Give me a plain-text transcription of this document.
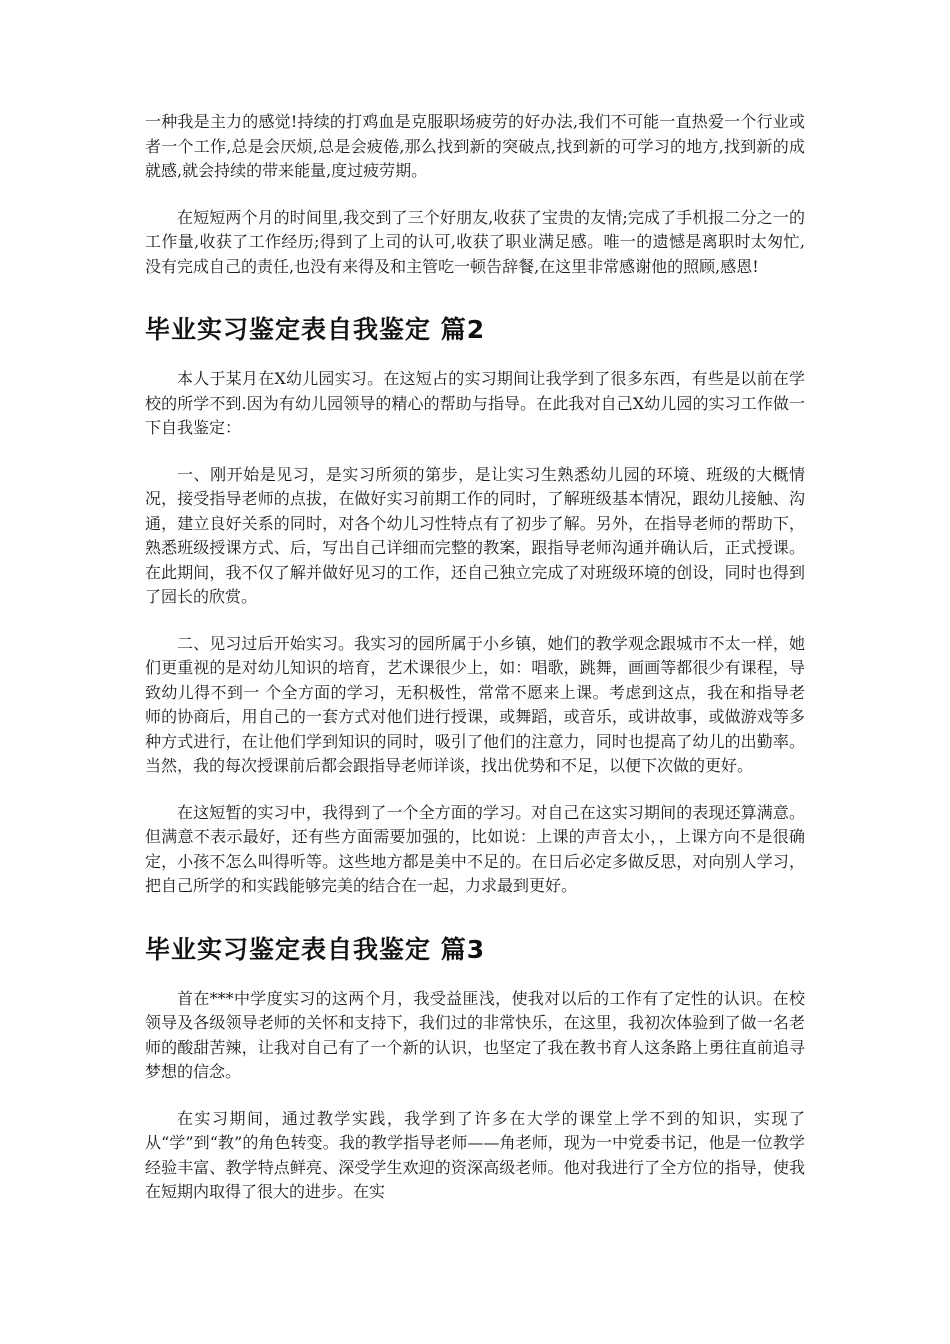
一种我是主力的感觉!持续的打鸡血是克服职场疲劳的好办法,我们不可能一直热爱一个行业或者一个工作,总是会厌烦,总是会疲倦,那么找到新的突破点,找到新的可学习的地方,找到新的成就感,就会持续的带来能量,度过疲劳期。

在短短两个月的时间里,我交到了三个好朋友,收获了宝贵的友情;完成了手机报二分之一的工作量,收获了工作经历;得到了上司的认可,收获了职业满足感。唯一的遗憾是离职时太匆忙,没有完成自己的责任,也没有来得及和主管吃一顿告辞餐,在这里非常感谢他的照顾,感恩!

毕业实习鉴定表自我鉴定 篇2

本人于某月在X幼儿园实习。在这短占的实习期间让我学到了很多东西，有些是以前在学校的所学不到.因为有幼儿园领导的精心的帮助与指导。在此我对自己X幼儿园的实习工作做一下自我鉴定：

一、刚开始是见习，是实习所须的第步，是让实习生熟悉幼儿园的环境、班级的大概情况，接受指导老师的点拔，在做好实习前期工作的同时，了解班级基本情况，跟幼儿接触、沟通，建立良好关系的同时，对各个幼儿习性特点有了初步了解。另外，在指导老师的帮助下，熟悉班级授课方式、后，写出自己详细而完整的教案，跟指导老师沟通并确认后，正式授课。在此期间，我不仅了解并做好见习的工作，还自己独立完成了对班级环境的创设，同时也得到了园长的欣赏。

二、见习过后开始实习。我实习的园所属于小乡镇，她们的教学观念跟城市不太一样，她们更重视的是对幼儿知识的培育，艺术课很少上，如：唱歌，跳舞，画画等都很少有课程，导致幼儿得不到一 个全方面的学习，无积极性，常常不愿来上课。考虑到这点，我在和指导老师的协商后，用自己的一套方式对他们进行授课，或舞蹈，或音乐，或讲故事，或做游戏等多种方式进行，在让他们学到知识的同时，吸引了他们的注意力，同时也提高了幼儿的出勤率。当然，我的每次授课前后都会跟指导老师详谈，找出优势和不足，以便下次做的更好。

在这短暂的实习中，我得到了一个全方面的学习。对自己在这实习期间的表现还算满意。但满意不表示最好，还有些方面需要加强的，比如说：上课的声音太小，，上课方向不是很确定，小孩不怎么叫得听等。这些地方都是美中不足的。在日后必定多做反思，对向别人学习，把自己所学的和实践能够完美的结合在一起，力求最到更好。

毕业实习鉴定表自我鉴定 篇3

首在***中学度实习的这两个月，我受益匪浅，使我对以后的工作有了定性的认识。在校领导及各级领导老师的关怀和支持下，我们过的非常快乐，在这里，我初次体验到了做一名老师的酸甜苦辣，让我对自己有了一个新的认识，也坚定了我在教书育人这条路上勇往直前追寻梦想的信念。

在实习期间，通过教学实践，我学到了许多在大学的课堂上学不到的知识，实现了从“学”到“教”的角色转变。我的教学指导老师——角老师，现为一中党委书记，他是一位教学经验丰富、教学特点鲜亮、深受学生欢迎的资深高级老师。他对我进行了全方位的指导，使我在短期内取得了很大的进步。在实
